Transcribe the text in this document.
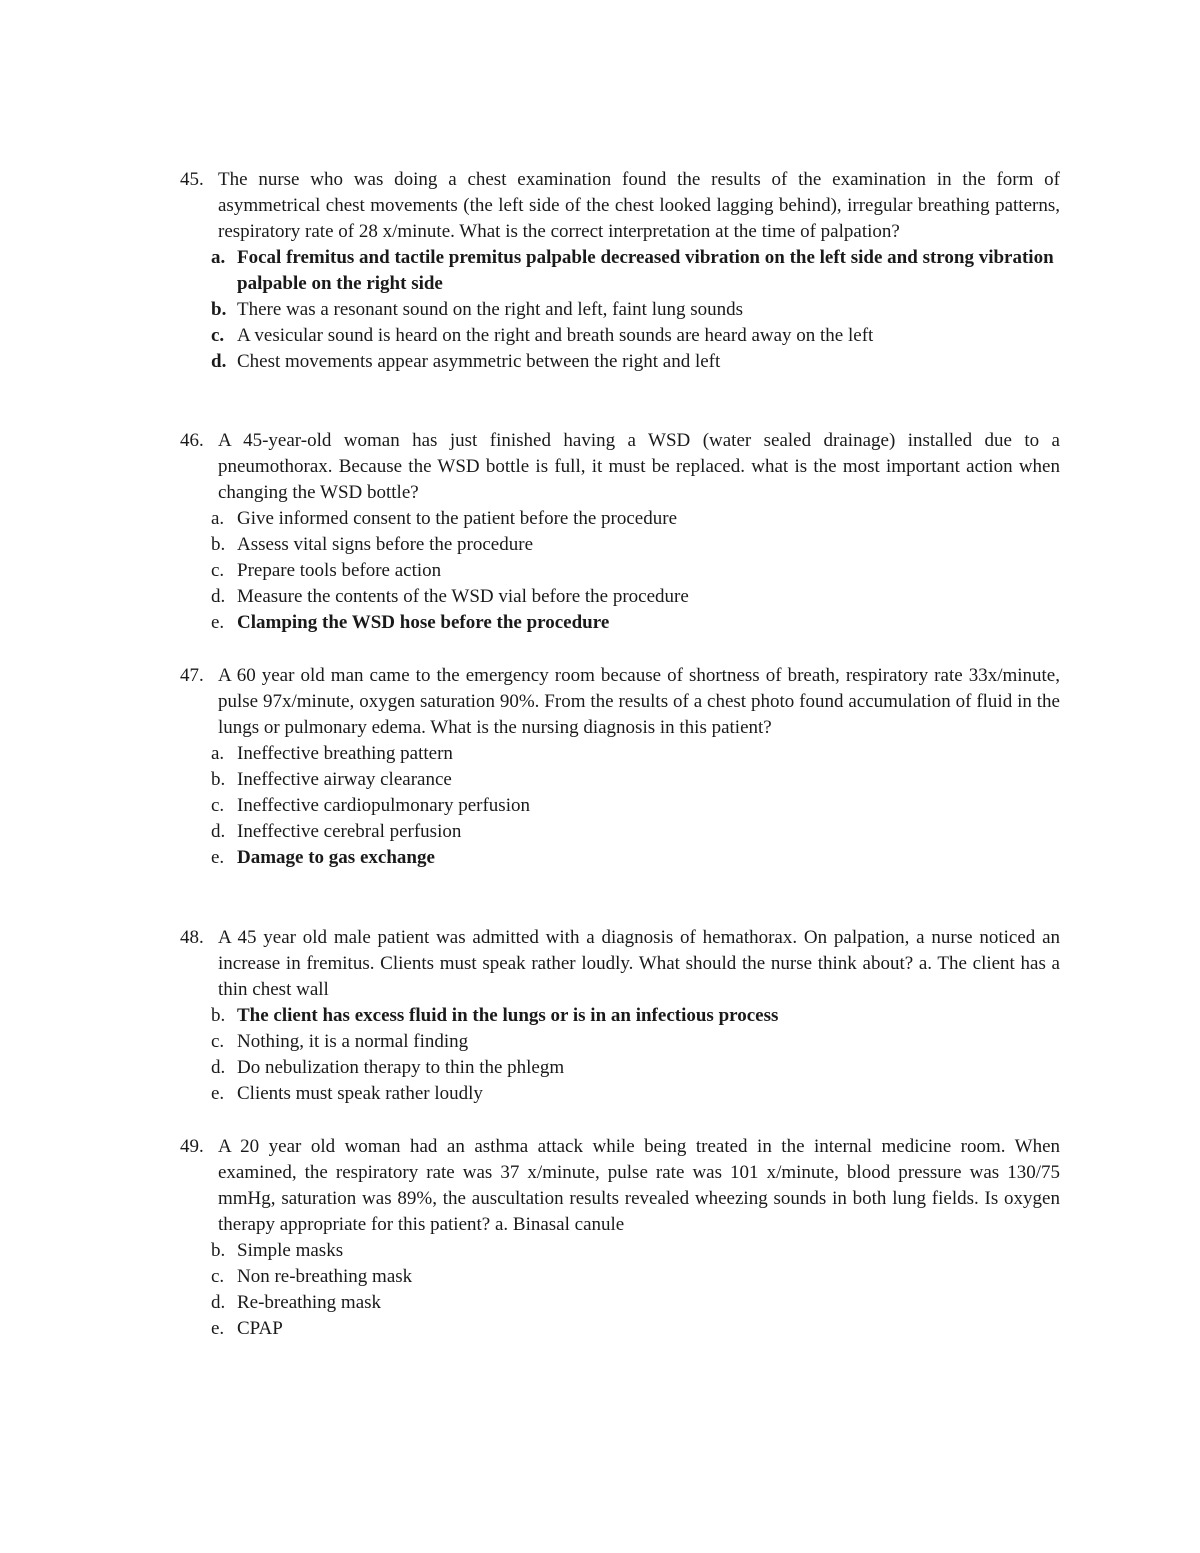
45. The nurse who was doing a chest examination found the results of the examination in the form of asymmetrical chest movements (the left side of the chest looked lagging behind), irregular breathing patterns, respiratory rate of 28 x/minute. What is the correct interpretation at the time of palpation?
a. Focal fremitus and tactile premitus palpable decreased vibration on the left side and strong vibration palpable on the right side
b. There was a resonant sound on the right and left, faint lung sounds
c. A vesicular sound is heard on the right and breath sounds are heard away on the left
d. Chest movements appear asymmetric between the right and left
46. A 45-year-old woman has just finished having a WSD (water sealed drainage) installed due to a pneumothorax. Because the WSD bottle is full, it must be replaced. what is the most important action when changing the WSD bottle?
a. Give informed consent to the patient before the procedure
b. Assess vital signs before the procedure
c. Prepare tools before action
d. Measure the contents of the WSD vial before the procedure
e. Clamping the WSD hose before the procedure
47. A 60 year old man came to the emergency room because of shortness of breath, respiratory rate 33x/minute, pulse 97x/minute, oxygen saturation 90%. From the results of a chest photo found accumulation of fluid in the lungs or pulmonary edema. What is the nursing diagnosis in this patient?
a. Ineffective breathing pattern
b. Ineffective airway clearance
c. Ineffective cardiopulmonary perfusion
d. Ineffective cerebral perfusion
e. Damage to gas exchange
48. A 45 year old male patient was admitted with a diagnosis of hemathorax. On palpation, a nurse noticed an increase in fremitus. Clients must speak rather loudly. What should the nurse think about? a. The client has a thin chest wall
b. The client has excess fluid in the lungs or is in an infectious process
c. Nothing, it is a normal finding
d. Do nebulization therapy to thin the phlegm
e. Clients must speak rather loudly
49. A 20 year old woman had an asthma attack while being treated in the internal medicine room. When examined, the respiratory rate was 37 x/minute, pulse rate was 101 x/minute, blood pressure was 130/75 mmHg, saturation was 89%, the auscultation results revealed wheezing sounds in both lung fields. Is oxygen therapy appropriate for this patient? a. Binasal canule
b. Simple masks
c. Non re-breathing mask
d. Re-breathing mask
e. CPAP
